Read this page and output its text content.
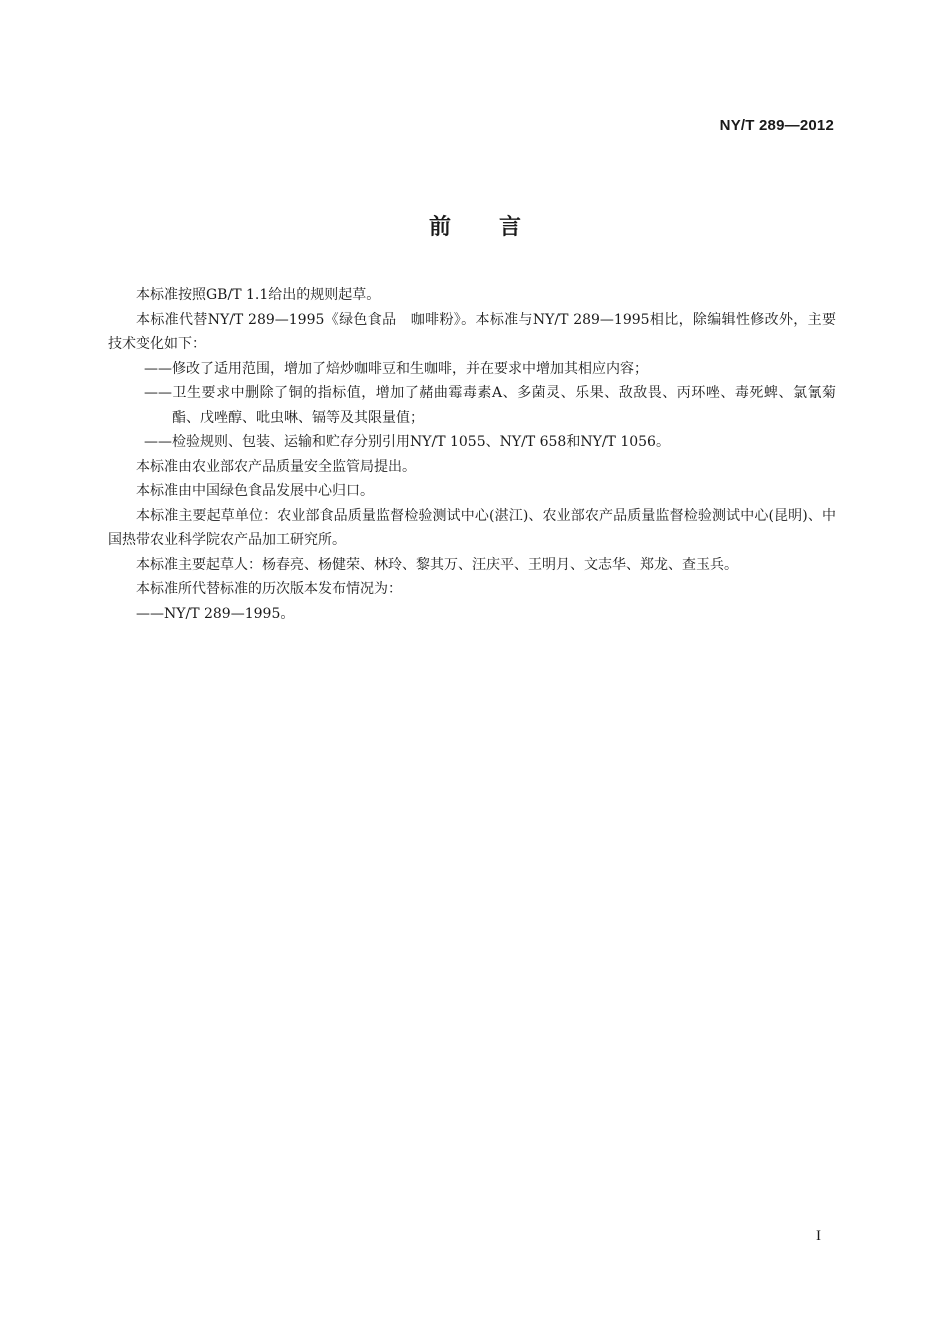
NY/T 289—2012
前言

本标准按照GB/T 1.1给出的规则起草。

本标准代替NY/T 289—1995《绿色食品　咖啡粉》。本标准与NY/T 289—1995相比，除编辑性修改外，主要技术变化如下：

——修改了适用范围，增加了焙炒咖啡豆和生咖啡，并在要求中增加其相应内容；

——卫生要求中删除了铜的指标值，增加了赭曲霉毒素A、多菌灵、乐果、敌敌畏、丙环唑、毒死蜱、氯氰菊酯、戊唑醇、吡虫啉、镉等及其限量值；

——检验规则、包装、运输和贮存分别引用NY/T 1055、NY/T 658和NY/T 1056。

本标准由农业部农产品质量安全监管局提出。

本标准由中国绿色食品发展中心归口。

本标准主要起草单位：农业部食品质量监督检验测试中心(湛江)、农业部农产品质量监督检验测试中心(昆明)、中国热带农业科学院农产品加工研究所。

本标准主要起草人：杨春亮、杨健荣、林玲、黎其万、汪庆平、王明月、文志华、郑龙、查玉兵。

本标准所代替标准的历次版本发布情况为：

——NY/T 289—1995。

I
